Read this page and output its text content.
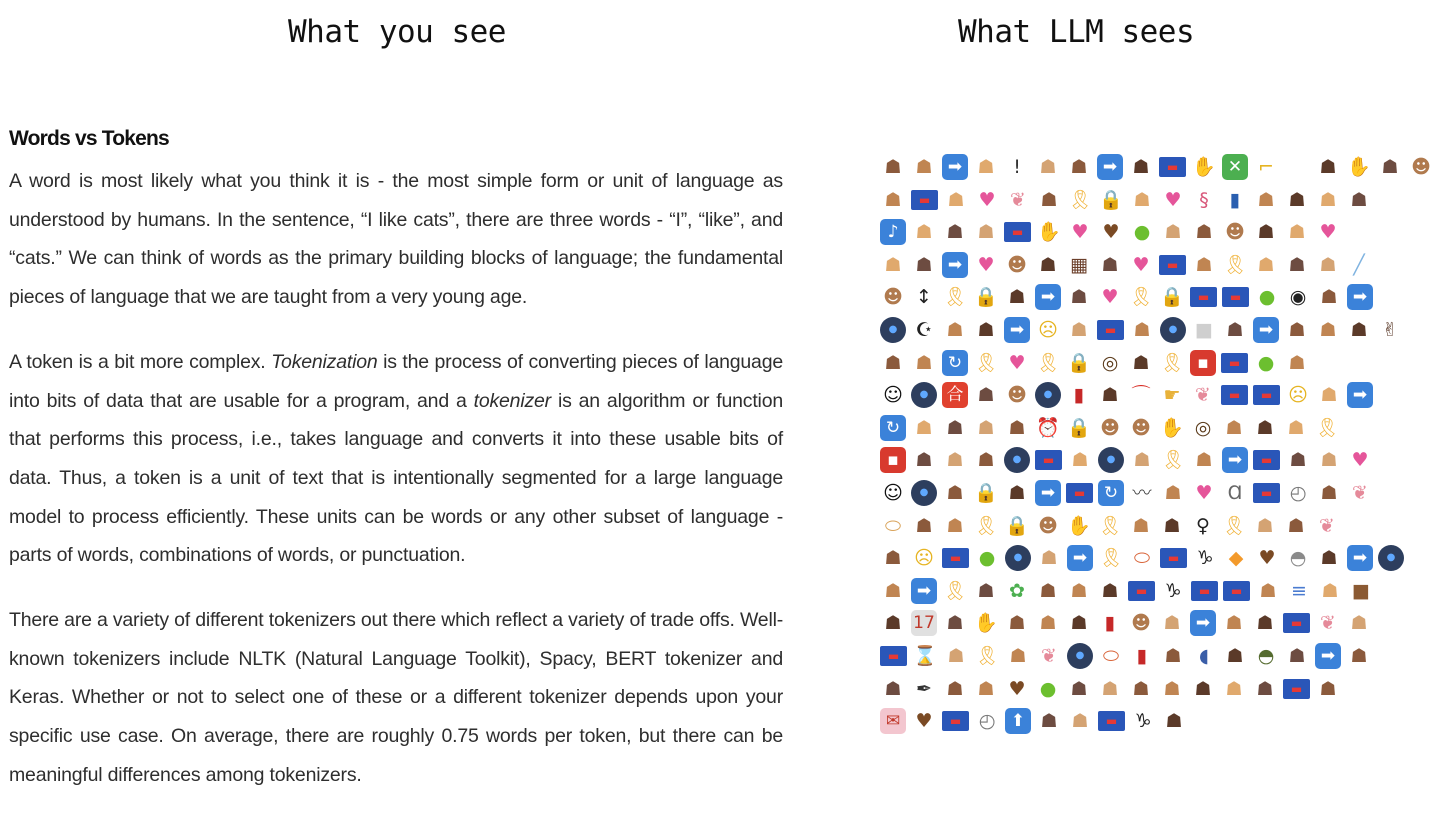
What you see	What LLM sees
Words vs Tokens

A word is most likely what you think it is - the most simple form or unit of language as understood by humans. In the sentence, “I like cats”, there are three words - “I”, “like”, and “cats.” We can think of words as the primary building blocks of language; the fundamental pieces of language that we are taught from a very young age.

A token is a bit more complex. Tokenization is the process of converting pieces of language into bits of data that are usable for a program, and a tokenizer is an algorithm or function that performs this process, i.e., takes language and converts it into these usable bits of data. Thus, a token is a unit of text that is intentionally segmented for a large language model to process efficiently. These units can be words or any other subset of language - parts of words, combinations of words, or punctuation.

There are a variety of different tokenizers out there which reflect a variety of trade offs. Well-known tokenizers include NLTK (Natural Language Toolkit), Spacy, BERT tokenizer and Keras. Whether or not to select one of these or a different tokenizer depends upon your specific use case. On average, there are roughly 0.75 words per token, but there can be meaningful differences among tokenizers.

☗ ☗ ➡ ☗ ! ☗ ☗ ➡ ☗ ▬ ✋ ✕ ⌐ ☗ ✋ ☗ ☻
☗ ▬ ☗ ♥ ❦ ☗ 🎗 🔒 ☗ ♥ § ▮ ☗ ☗ ☗ ☗
♪ ☗ ☗ ☗ ▬ ✋ ♥ ♥ ● ☗ ☗ ☻ ☗ ☗ ♥
☗ ☗ ➡ ♥ ☻ ☗ ▦ ☗ ♥ ▬ ☗ 🎗 ☗ ☗ ☗ ╱
☻ ↕ 🎗 🔒 ☗ ➡ ☗ ♥ 🎗 🔒 ▬ ▬ ● ◉ ☗ ➡
● ☪ ☗ ☗ ➡ ☹ ☗ ▬ ☗ ● ■ ☗ ➡ ☗ ☗ ☗ ✌
☗ ☗ ↻ 🎗 ♥ 🎗 🔒 ◎ ☗ 🎗 ▪ ▬ ● ☗
☺ ● 合 ☗ ☻ ● ▮ ☗ ⌒ ☛ ❦ ▬ ▬ ☹ ☗ ➡
↻ ☗ ☗ ☗ ☗ ⏰ 🔒 ☻ ☻ ✋ ◎ ☗ ☗ ☗ 🎗
▪ ☗ ☗ ☗ ● ▬ ☗ ● ☗ 🎗 ☗ ➡ ▬ ☗ ☗ ♥
☺ ● ☗ 🔒 ☗ ➡ ▬ ↻ 〰 ☗ ♥ Ɑ ▬ ◴ ☗ ❦
⬭ ☗ ☗ 🎗 🔒 ☻ ✋ 🎗 ☗ ☗ ♀ 🎗 ☗ ☗ ❦
☗ ☹ ▬ ● ● ☗ ➡ 🎗 ⬭ ▬ ♑ ◆ ♥ ◓ ☗ ➡ ●
☗ ➡ 🎗 ☗ ✿ ☗ ☗ ☗ ▬ ♑ ▬ ▬ ☗ ≡ ☗ ■
☗ 17 ☗ ✋ ☗ ☗ ☗ ▮ ☻ ☗ ➡ ☗ ☗ ▬ ❦ ☗
▬ ⌛ ☗ 🎗 ☗ ❦ ● ⬭ ▮ ☗ ◖ ☗ ◓ ☗ ➡ ☗
☗ ✒ ☗ ☗ ♥ ● ☗ ☗ ☗ ☗ ☗ ☗ ☗ ▬ ☗
✉ ♥ ▬ ◴ ⬆ ☗ ☗ ▬ ♑ ☗
